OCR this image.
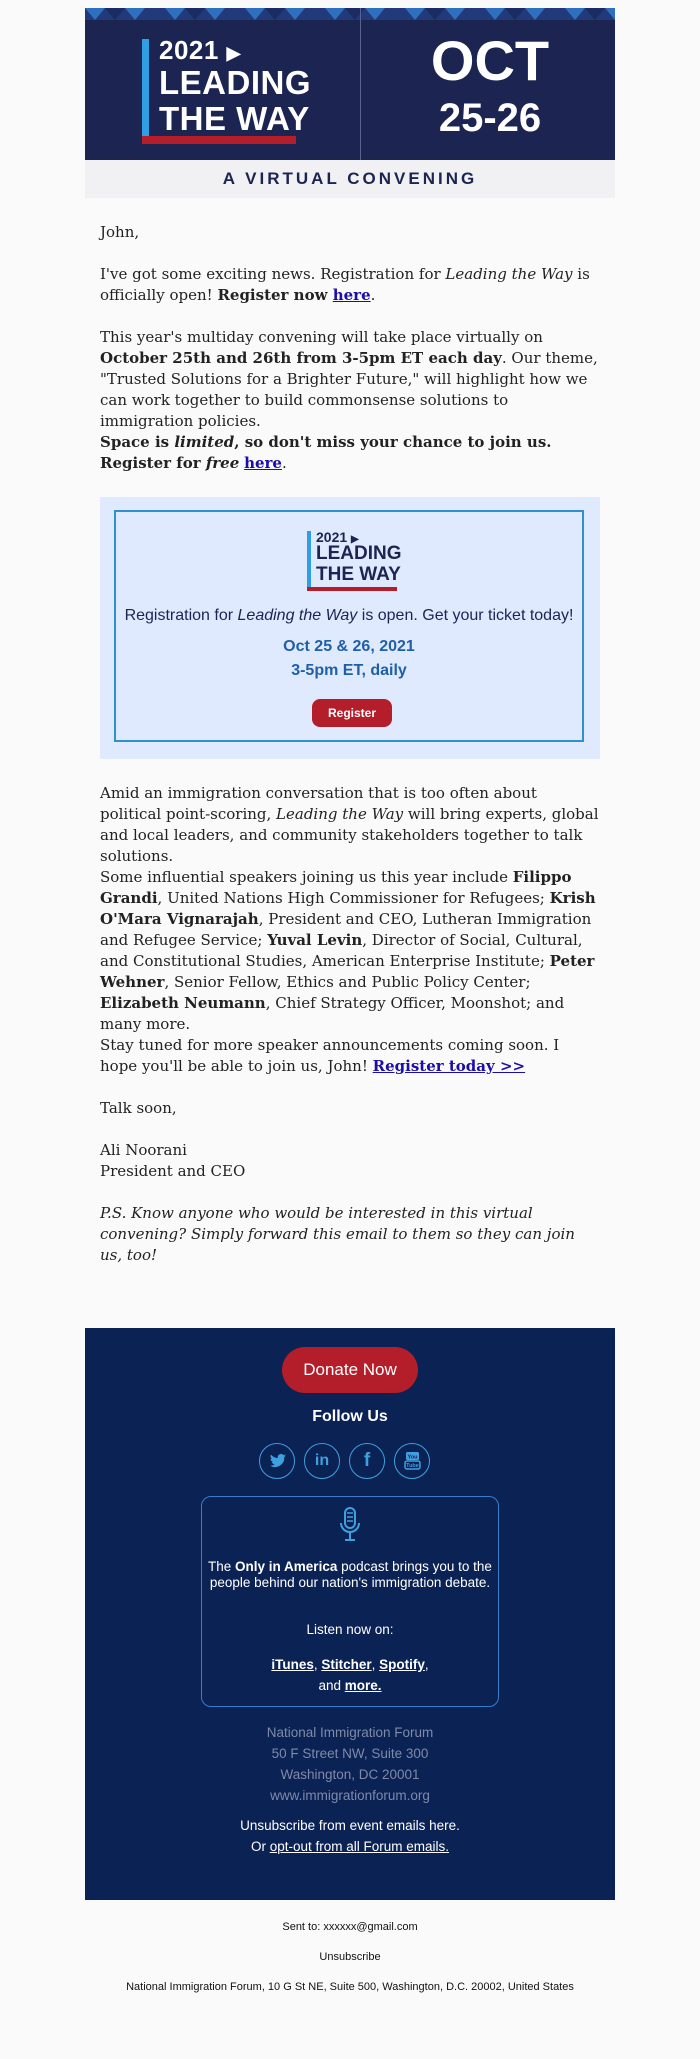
2021 ▶
LEADING
THE WAY
OCT
25-26
A VIRTUAL CONVENING
John,
I've got some exciting news. Registration for Leading the Way is officially open! Register now here.
This year's multiday convening will take place virtually on October 25th and 26th from 3-5pm ET each day. Our theme, "Trusted Solutions for a Brighter Future," will highlight how we can work together to build commonsense solutions to immigration policies.
Space is limited, so don't miss your chance to join us. Register for free here.
2021 ▶
LEADING
THE WAY
Registration for Leading the Way is open. Get your ticket today!
Oct 25 & 26, 2021
3-5pm ET, daily
Register
Amid an immigration conversation that is too often about political point-scoring, Leading the Way will bring experts, global and local leaders, and community stakeholders together to talk solutions.
Some influential speakers joining us this year include Filippo Grandi, United Nations High Commissioner for Refugees; Krish O'Mara Vignarajah, President and CEO, Lutheran Immigration and Refugee Service; Yuval Levin, Director of Social, Cultural, and Constitutional Studies, American Enterprise Institute; Peter Wehner, Senior Fellow, Ethics and Public Policy Center; Elizabeth Neumann, Chief Strategy Officer, Moonshot; and many more.
Stay tuned for more speaker announcements coming soon. I hope you'll be able to join us, John! Register today >>
Talk soon,
Ali Noorani
President and CEO
P.S. Know anyone who would be interested in this virtual convening? Simply forward this email to them so they can join us, too!
Donate Now
Follow Us
in	f	You
Tube
The Only in America podcast brings you to the people behind our nation's immigration debate.
Listen now on:
iTunes, Stitcher, Spotify,
and more.
National Immigration Forum
50 F Street NW, Suite 300
Washington, DC 20001
www.immigrationforum.org
Unsubscribe from event emails here.
Or opt-out from all Forum emails.
Sent to: xxxxxx@gmail.com
Unsubscribe
National Immigration Forum, 10 G St NE, Suite 500, Washington, D.C. 20002, United States
